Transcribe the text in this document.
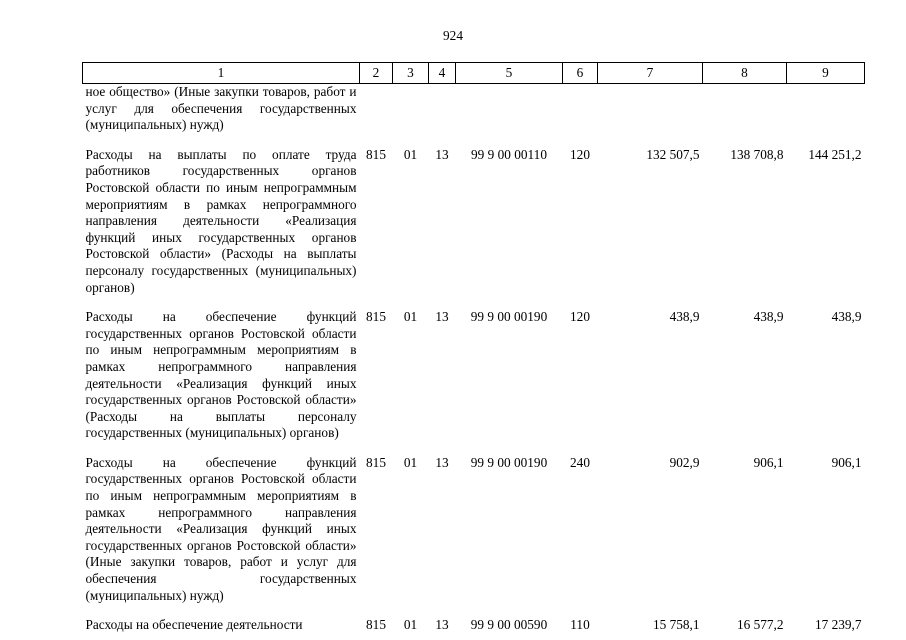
924
1	2	3	4	5	6	7	8	9
ное общество» (Иные закупки товаров, работ и услуг для обеспечения государственных (муниципальных) нужд)								
Расходы на выплаты по оплате труда работников государственных органов Ростовской области по иным непрограммным мероприятиям в рамках непрограммного направления деятельности «Реализация функций иных государственных органов Ростовской области» (Расходы на выплаты персоналу государственных (муниципальных) органов)	815	01	13	99 9 00 00110	120	132 507,5	138 708,8	144 251,2
Расходы на обеспечение функций государственных органов Ростовской области по иным непрограммным мероприятиям в рамках непрограммного направления деятельности «Реализация функций иных государственных органов Ростовской области» (Расходы на выплаты персоналу государственных (муниципальных) органов)	815	01	13	99 9 00 00190	120	438,9	438,9	438,9
Расходы на обеспечение функций государственных органов Ростовской области по иным непрограммным мероприятиям в рамках непрограммного направления деятельности «Реализация функций иных государственных органов Ростовской области» (Иные закупки товаров, работ и услуг для обеспечения государственных (муниципальных) нужд)	815	01	13	99 9 00 00190	240	902,9	906,1	906,1
Расходы на обеспечение деятельности	815	01	13	99 9 00 00590	110	15 758,1	16 577,2	17 239,7
